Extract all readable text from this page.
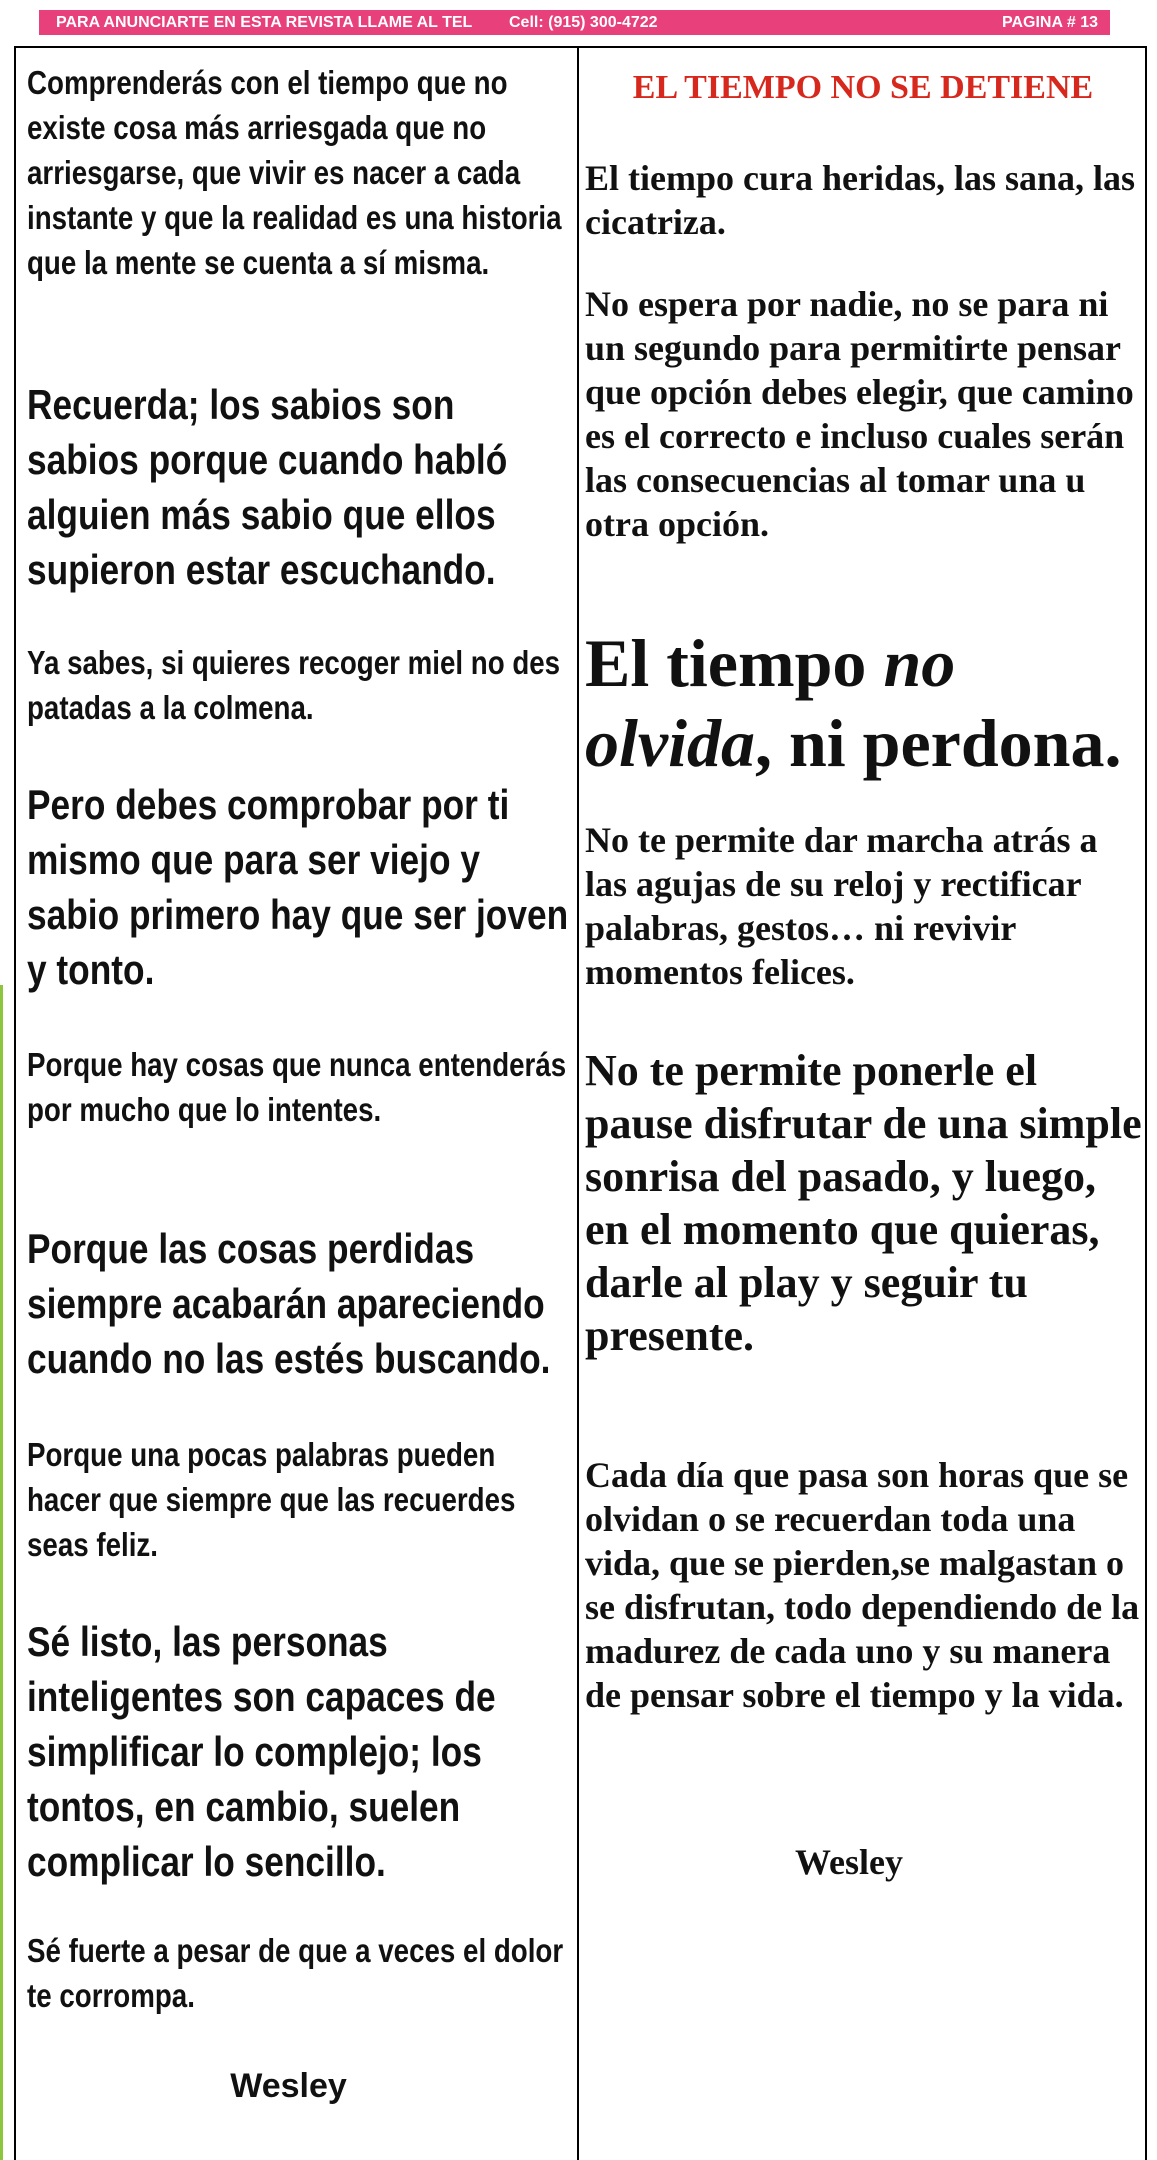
PARA ANUNCIARTE EN ESTA REVISTA LLAME AL TEL Cell: (915) 300-4722	PAGINA # 13

Comprenderás con el tiempo que no existe cosa más arriesgada que no arriesgarse, que vivir es nacer a cada instante y que la realidad es una historia que la mente se cuenta a sí misma.

Recuerda; los sabios son sabios porque cuando habló alguien más sabio que ellos supieron estar escuchando.

Ya sabes, si quieres recoger miel no des patadas a la colmena.

Pero debes comprobar por ti mismo que para ser viejo y sabio primero hay que ser joven y tonto.

Porque hay cosas que nunca entenderás por mucho que lo intentes.

Porque las cosas perdidas siempre acabarán apareciendo cuando no las estés buscando.

Porque una pocas palabras pueden hacer que siempre que las recuerdes seas feliz.

Sé listo, las personas inteligentes son capaces de simplificar lo complejo; los tontos, en cambio, suelen complicar lo sencillo.

Sé fuerte a pesar de que a veces el dolor te corrompa.

Wesley
EL TIEMPO NO SE DETIENE

El tiempo cura heridas, las sana, las cicatriza.

No espera por nadie, no se para ni un segundo para permitirte pensar que opción debes elegir, que camino es el correcto e incluso cuales serán las consecuencias al tomar una u otra opción.

El tiempo no olvida, ni perdona.

No te permite dar marcha atrás a las agujas de su reloj y rectificar palabras, gestos… ni revivir momentos felices.

No te permite ponerle el pause disfrutar de una simple sonrisa del pasado, y luego, en el momento que quieras,
darle al play y seguir tu presente.

Cada día que pasa son horas que se olvidan o se recuerdan toda una vida, que se pierden,se malgastan o se disfrutan, todo dependiendo de la madurez de cada uno y su manera de pensar sobre el tiempo y la vida.

Wesley
